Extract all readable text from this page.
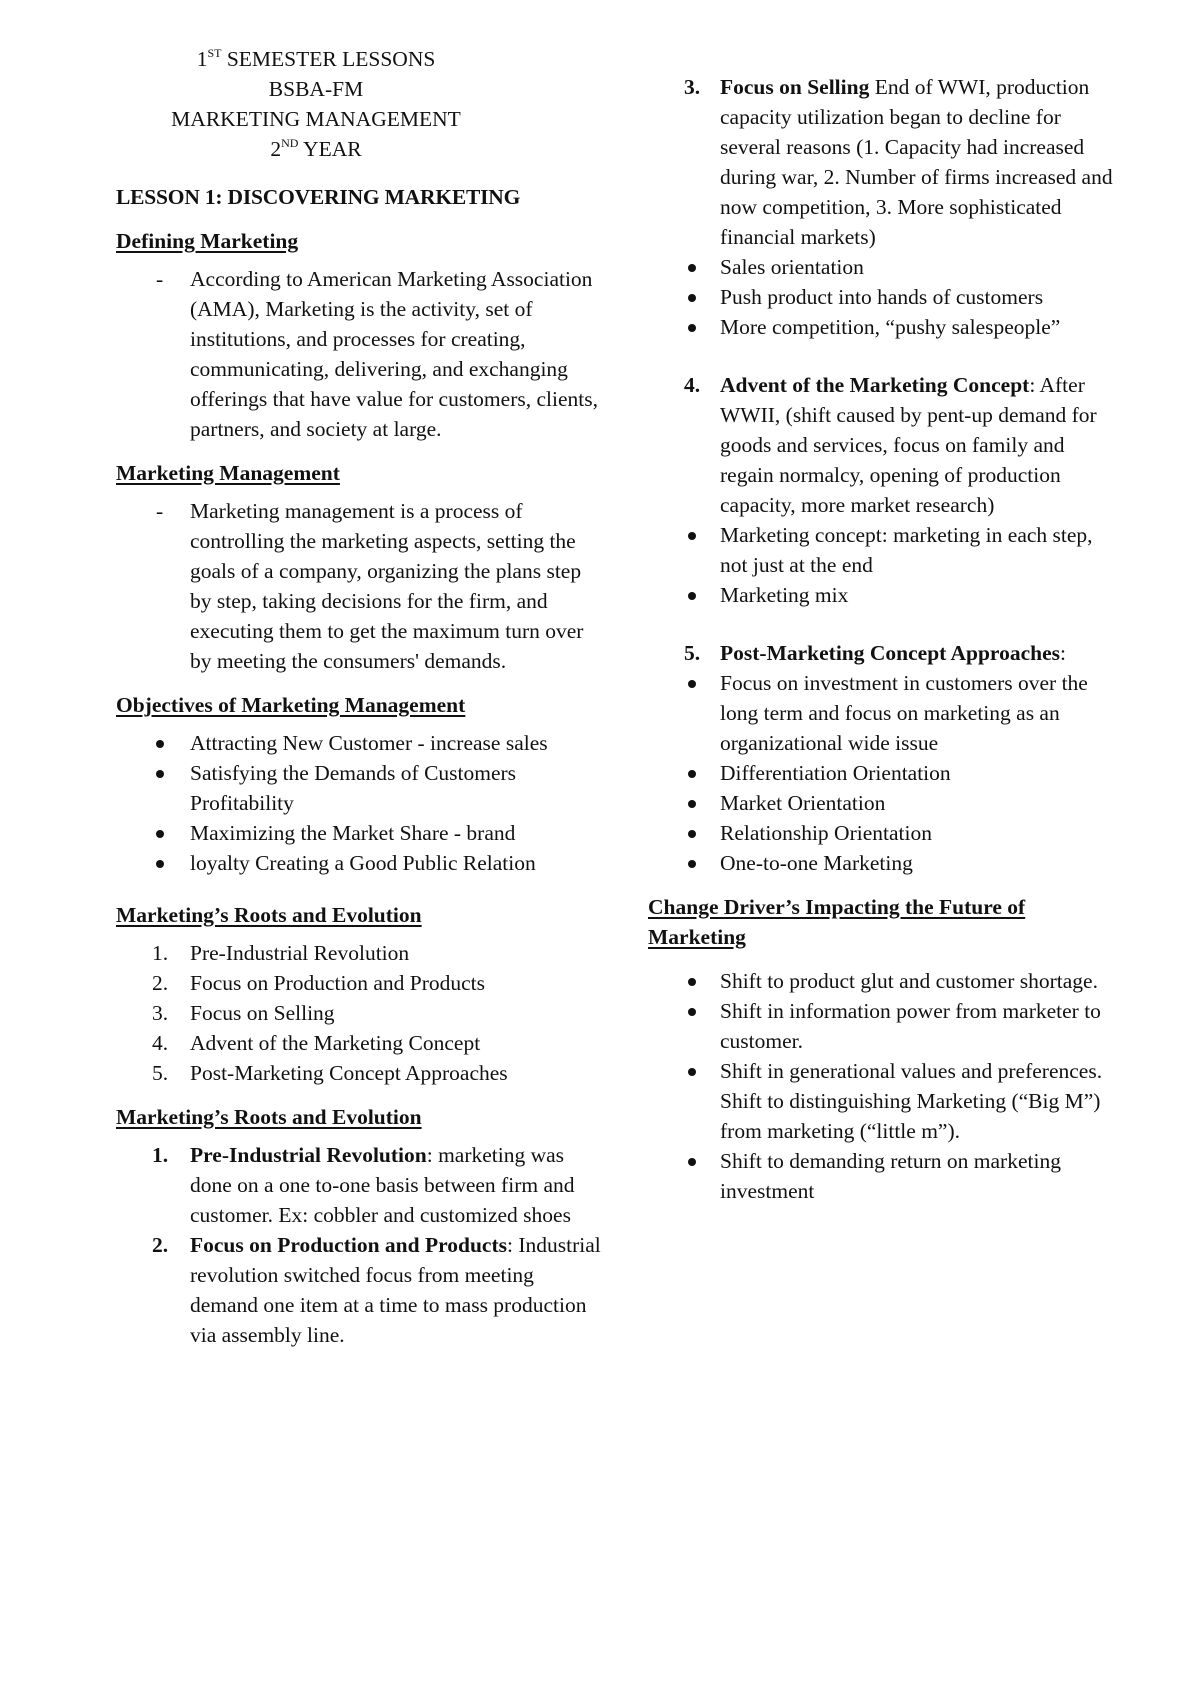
1ST SEMESTER LESSONS
BSBA-FM
MARKETING MANAGEMENT
2ND YEAR
LESSON 1: DISCOVERING MARKETING
Defining Marketing
- According to American Marketing Association (AMA), Marketing is the activity, set of institutions, and processes for creating, communicating, delivering, and exchanging offerings that have value for customers, clients, partners, and society at large.
Marketing Management
- Marketing management is a process of controlling the marketing aspects, setting the goals of a company, organizing the plans step by step, taking decisions for the firm, and executing them to get the maximum turn over by meeting the consumers' demands.
Objectives of Marketing Management
Attracting New Customer - increase sales
Satisfying the Demands of Customers Profitability
Maximizing the Market Share - brand
loyalty Creating a Good Public Relation
Marketing’s Roots and Evolution
1. Pre-Industrial Revolution
2. Focus on Production and Products
3. Focus on Selling
4. Advent of the Marketing Concept
5. Post-Marketing Concept Approaches
Marketing’s Roots and Evolution
1. Pre-Industrial Revolution: marketing was done on a one to-one basis between firm and customer. Ex: cobbler and customized shoes
2. Focus on Production and Products: Industrial revolution switched focus from meeting demand one item at a time to mass production via assembly line.
3. Focus on Selling End of WWI, production capacity utilization began to decline for several reasons (1. Capacity had increased during war, 2. Number of firms increased and now competition, 3. More sophisticated financial markets)
Sales orientation
Push product into hands of customers
More competition, “pushy salespeople”
4. Advent of the Marketing Concept: After WWII, (shift caused by pent-up demand for goods and services, focus on family and regain normalcy, opening of production capacity, more market research)
Marketing concept: marketing in each step, not just at the end
Marketing mix
5. Post-Marketing Concept Approaches:
Focus on investment in customers over the long term and focus on marketing as an organizational wide issue
Differentiation Orientation
Market Orientation
Relationship Orientation
One-to-one Marketing
Change Driver’s Impacting the Future of Marketing
Shift to product glut and customer shortage.
Shift in information power from marketer to customer.
Shift in generational values and preferences. Shift to distinguishing Marketing (“Big M”) from marketing (“little m”).
Shift to demanding return on marketing investment
